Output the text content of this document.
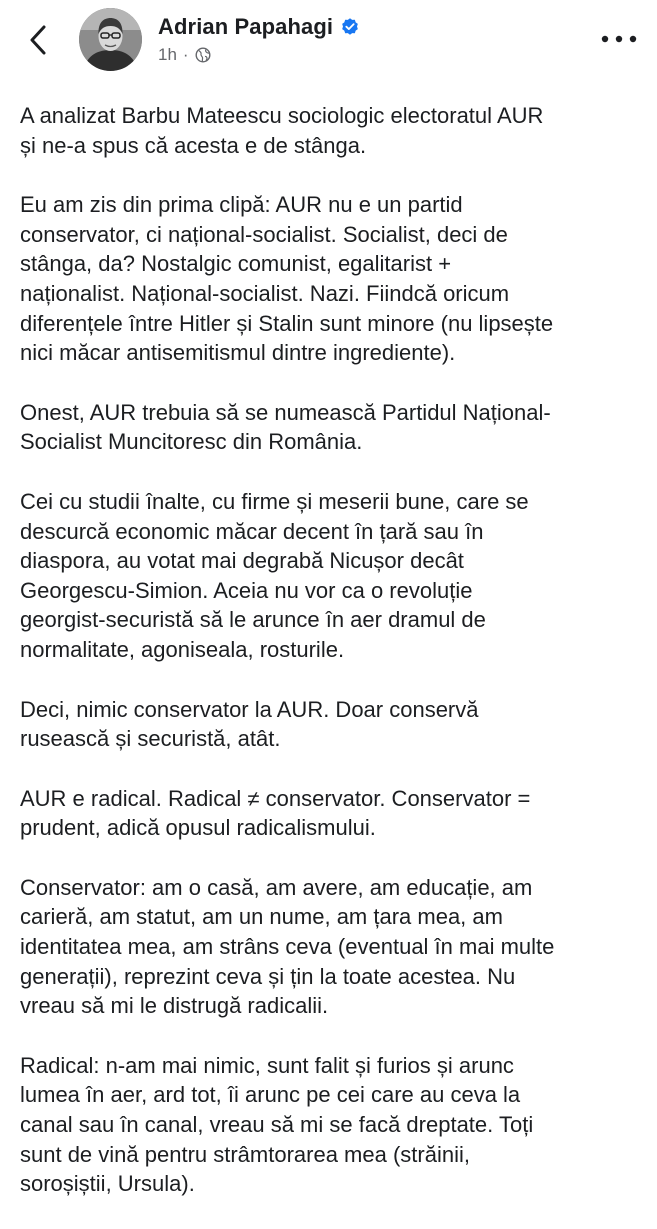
Adrian Papahagi
1h ·

A analizat Barbu Mateescu sociologic electoratul AUR
și ne-a spus că acesta e de stânga.

Eu am zis din prima clipă: AUR nu e un partid
conservator, ci național-socialist. Socialist, deci de
stânga, da? Nostalgic comunist, egalitarist +
naționalist. Național-socialist. Nazi. Fiindcă oricum
diferențele între Hitler și Stalin sunt minore (nu lipsește
nici măcar antisemitismul dintre ingrediente).

Onest, AUR trebuia să se numească Partidul Național-
Socialist Muncitoresc din România.

Cei cu studii înalte, cu firme și meserii bune, care se
descurcă economic măcar decent în țară sau în
diaspora, au votat mai degrabă Nicușor decât
Georgescu-Simion. Aceia nu vor ca o revoluție
georgist-securistă să le arunce în aer dramul de
normalitate, agoniseala, rosturile.

Deci, nimic conservator la AUR. Doar conservă
rusească și securistă, atât.

AUR e radical. Radical ≠ conservator. Conservator =
prudent, adică opusul radicalismului.

Conservator: am o casă, am avere, am educație, am
carieră, am statut, am un nume, am țara mea, am
identitatea mea, am strâns ceva (eventual în mai multe
generații), reprezint ceva și țin la toate acestea. Nu
vreau să mi le distrugă radicalii.

Radical: n-am mai nimic, sunt falit și furios și arunc
lumea în aer, ard tot, îi arunc pe cei care au ceva la
canal sau în canal, vreau să mi se facă dreptate. Toți
sunt de vină pentru strâmtorarea mea (străinii,
soroșiștii, Ursula).
